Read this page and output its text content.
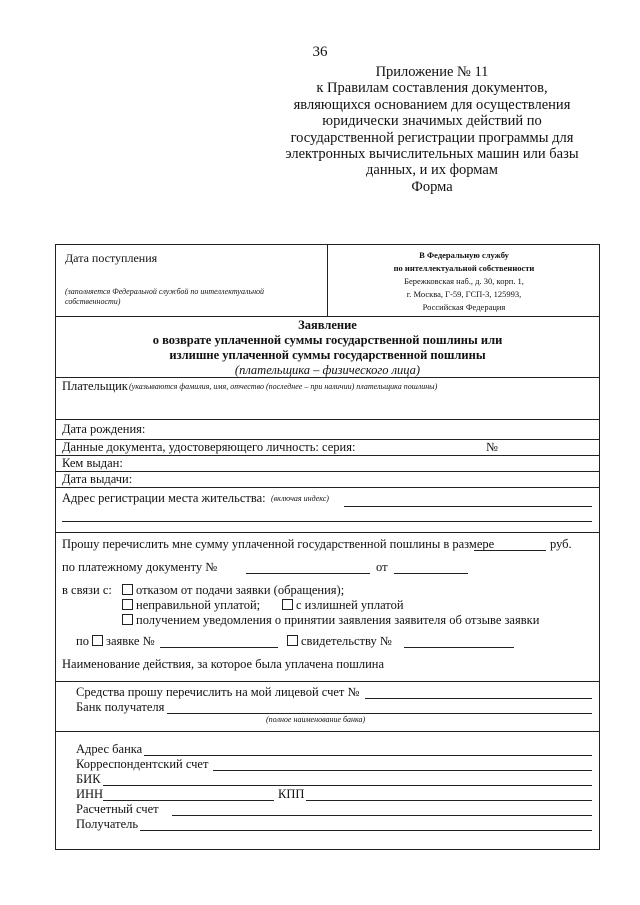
36
Приложение № 11
к Правилам составления документов,
являющихся основанием для осуществления
юридически значимых действий по
государственной регистрации программы для
электронных вычислительных машин или базы
данных, и их формам
Форма
Дата поступления
(заполняется Федеральной службой по интеллектуальной собственности)
В Федеральную службу
по интеллектуальной собственности
Бережковская наб., д. 30, корп. 1,
г. Москва, Г-59, ГСП-3, 125993,
Российская Федерация
Заявление
о возврате уплаченной суммы государственной пошлины или
излишне уплаченной суммы государственной пошлины
(плательщика – физического лица)
Плательщик (указываются фамилия, имя, отчество (последнее – при наличии) плательщика пошлины)
Дата рождения:
Данные документа, удостоверяющего личность: серия:	№
Кем выдан:
Дата выдачи:
Адрес регистрации места жительства: (включая индекс)
Прошу перечислить мне сумму уплаченной государственной пошлины в размере	руб.
по платежному документу №	от
в связи с:	отказом от подачи заявки (обращения);
неправильной уплатой;	с излишней уплатой
получением уведомления о принятии заявления заявителя об отзыве заявки
по	заявке №	свидетельству №
Наименование действия, за которое была уплачена пошлина
Средства прошу перечислить на мой лицевой счет №
Банк получателя
(полное наименование банка)
Адрес банка
Корреспондентский счет
БИК
ИНН	КПП
Расчетный счет
Получатель
